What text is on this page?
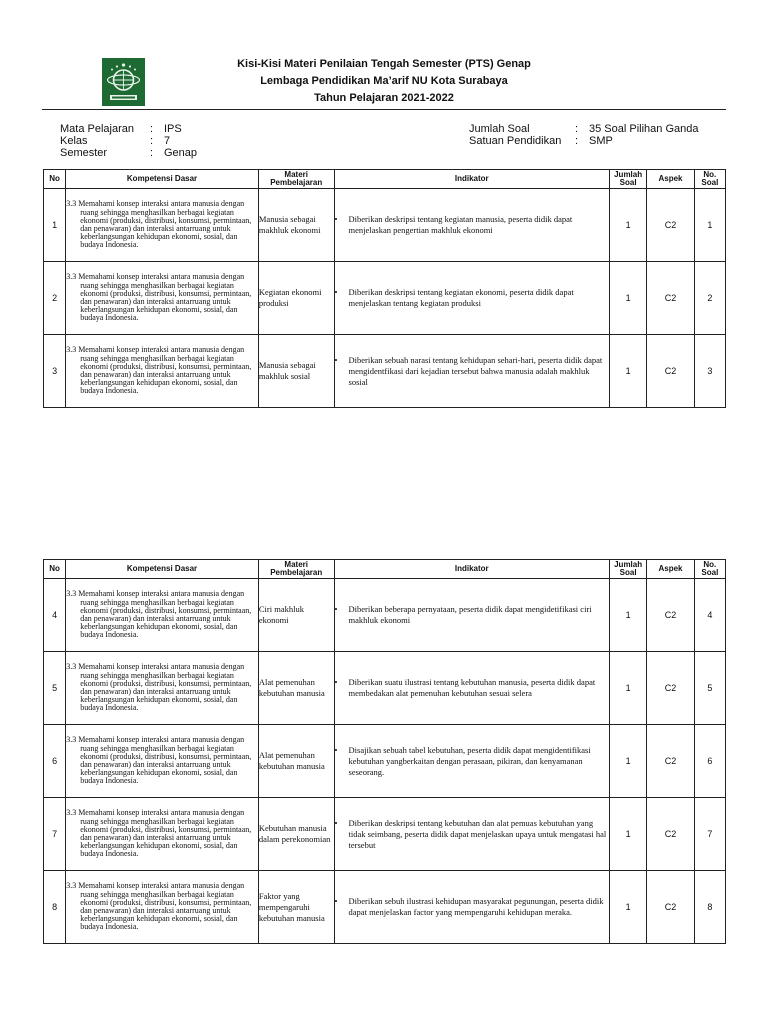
Kisi-Kisi Materi Penilaian Tengah Semester (PTS) Genap
Lembaga Pendidikan Ma’arif NU Kota Surabaya
Tahun Pelajaran 2021-2022
Mata Pelajaran : IPS
Kelas	: 7
Semester	: Genap
Jumlah Soal	: 35 Soal Pilihan Ganda
Satuan Pendidikan : SMP
No	Kompetensi Dasar	Materi Pembelajaran	Indikator	Jumlah Soal	Aspek	No. Soal
1	3.3 Memahami konsep interaksi antara manusia dengan ruang sehingga menghasilkan berbagai kegiatan ekonomi (produksi, distribusi, konsumsi, permintaan, dan penawaran) dan interaksi antarruang untuk keberlangsungan kehidupan ekonomi, sosial, dan budaya Indonesia.	Manusia sebagai makhluk ekonomi	• Diberikan deskripsi tentang kegiatan manusia, peserta didik dapat menjelaskan pengertian makhluk ekonomi	1	C2	1
2	3.3 Memahami konsep interaksi antara manusia dengan ruang sehingga menghasilkan berbagai kegiatan ekonomi (produksi, distribusi, konsumsi, permintaan, dan penawaran) dan interaksi antarruang untuk keberlangsungan kehidupan ekonomi, sosial, dan budaya Indonesia.	Kegiatan ekonomi produksi	• Diberikan deskripsi tentang kegiatan ekonomi, peserta didik dapat menjelaskan tentang kegiatan produksi	1	C2	2
3	3.3 Memahami konsep interaksi antara manusia dengan ruang sehingga menghasilkan berbagai kegiatan ekonomi (produksi, distribusi, konsumsi, permintaan, dan penawaran) dan interaksi antarruang untuk keberlangsungan kehidupan ekonomi, sosial, dan budaya Indonesia.	Manusia sebagai makhluk sosial	• Diberikan sebuah narasi tentang kehidupan sehari-hari, peserta didik dapat mengidentfikasi dari kejadian tersebut bahwa manusia adalah makhluk sosial	1	C2	3
No	Kompetensi Dasar	Materi Pembelajaran	Indikator	Jumlah Soal	Aspek	No. Soal
4	3.3 Memahami konsep interaksi antara manusia dengan ruang sehingga menghasilkan berbagai kegiatan ekonomi (produksi, distribusi, konsumsi, permintaan, dan penawaran) dan interaksi antarruang untuk keberlangsungan kehidupan ekonomi, sosial, dan budaya Indonesia.	Ciri makhluk ekonomi	• Diberikan beberapa pernyataan, peserta didik dapat mengidetifikasi ciri makhluk ekonomi	1	C2	4
5	3.3 Memahami konsep interaksi antara manusia dengan ruang sehingga menghasilkan berbagai kegiatan ekonomi (produksi, distribusi, konsumsi, permintaan, dan penawaran) dan interaksi antarruang untuk keberlangsungan kehidupan ekonomi, sosial, dan budaya Indonesia.	Alat pemenuhan kebutuhan manusia	• Diberikan suatu ilustrasi tentang kebutuhan manusia, peserta didik dapat membedakan alat pemenuhan kebutuhan sesuai selera	1	C2	5
6	3.3 Memahami konsep interaksi antara manusia dengan ruang sehingga menghasilkan berbagai kegiatan ekonomi (produksi, distribusi, konsumsi, permintaan, dan penawaran) dan interaksi antarruang untuk keberlangsungan kehidupan ekonomi, sosial, dan budaya Indonesia.	Alat pemenuhan kebutuhan manusia	• Disajikan sebuah tabel kebutuhan, peserta didik dapat mengidentifikasi kebutuhan yangberkaitan dengan perasaan, pikiran, dan kenyamanan seseorang.	1	C2	6
7	3.3 Memahami konsep interaksi antara manusia dengan ruang sehingga menghasilkan berbagai kegiatan ekonomi (produksi, distribusi, konsumsi, permintaan, dan penawaran) dan interaksi antarruang untuk keberlangsungan kehidupan ekonomi, sosial, dan budaya Indonesia.	Kebutuhan manusia dalam perekonomian	• Diberikan deskripsi tentang kebutuhan dan alat pemuas kebutuhan yang tidak seimbang, peserta didik dapat menjelaskan upaya untuk mengatasi hal tersebut	1	C2	7
8	3.3 Memahami konsep interaksi antara manusia dengan ruang sehingga menghasilkan berbagai kegiatan ekonomi (produksi, distribusi, konsumsi, permintaan, dan penawaran) dan interaksi antarruang untuk keberlangsungan kehidupan ekonomi, sosial, dan budaya Indonesia.	Faktor yang mempengaruhi kebutuhan manusia	• Diberikan sebuh ilustrasi kehidupan masyarakat pegunungan, peserta didik dapat menjelaskan factor yang mempengaruhi kehidupan meraka.	1	C2	8
